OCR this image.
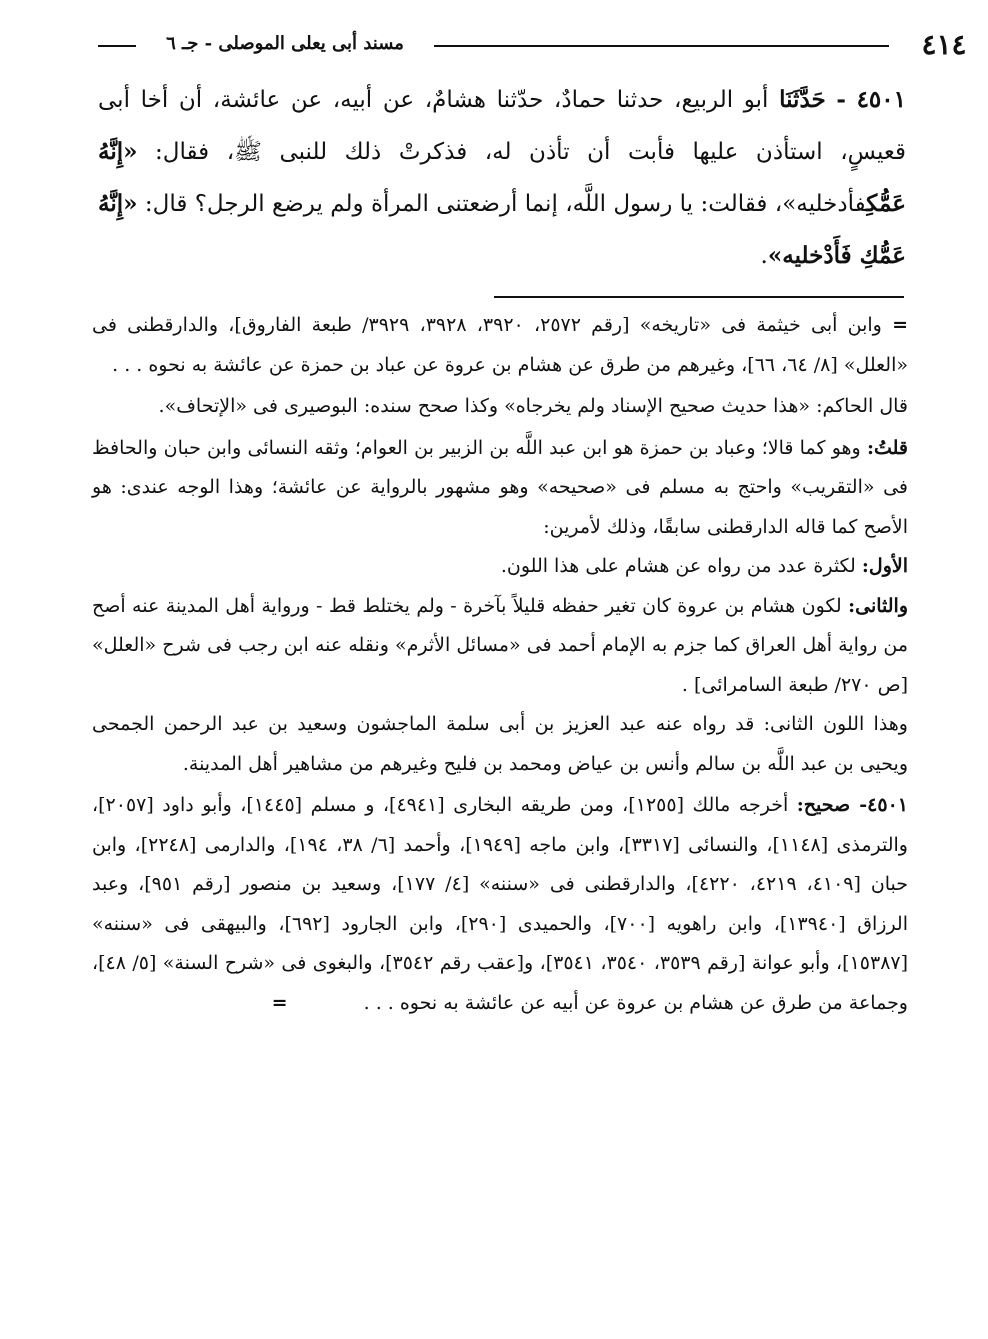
مسند أبى يعلى الموصلى - جـ ٦	٤١٤
٤٥٠١ - حَدَّثَنَا أبو الربيع، حدثنا حمادٌ، حدّثنا هشامٌ، عن أبيه، عن عائشة، أن أخا أبى قعيسٍ، استأذن عليها فأبت أن تأذن له، فذكرتْ ذلك للنبى ﷺ، فقال: «إِنَّهُ عَمُّكِفأدخليه»، فقالت: يا رسول اللَّه، إنما أرضعتنى المرأة ولم يرضع الرجل؟ قال: «إِنَّهُ عَمُّكِ فَأَدْخليه».

= وابن أبى خيثمة فى «تاريخه» [رقم ٢٥٧٢، ٣٩٢٠، ٣٩٢٨، ٣٩٢٩/ طبعة الفاروق]، والدارقطنى فى «العلل» [٨/ ٦٤، ٦٦]، وغيرهم من طرق عن هشام بن عروة عن عباد بن حمزة عن عائشة به نحوه . . .

قال الحاكم: «هذا حديث صحيح الإسناد ولم يخرجاه» وكذا صحح سنده: البوصيرى فى «الإتحاف».

قلتُ: وهو كما قالا؛ وعباد بن حمزة هو ابن عبد اللَّه بن الزبير بن العوام؛ وثقه النسائى وابن حبان والحافظ فى «التقريب» واحتج به مسلم فى «صحيحه» وهو مشهور بالرواية عن عائشة؛ وهذا الوجه عندى: هو الأصح كما قاله الدارقطنى سابقًا، وذلك لأمرين:

الأول: لكثرة عدد من رواه عن هشام على هذا اللون.

والثانى: لكون هشام بن عروة كان تغير حفظه قليلاً بآخرة - ولم يختلط قط - ورواية أهل المدينة عنه أصح من رواية أهل العراق كما جزم به الإمام أحمد فى «مسائل الأثرم» ونقله عنه ابن رجب فى شرح «العلل» [ص ٢٧٠/ طبعة السامرائى] .

وهذا اللون الثانى: قد رواه عنه عبد العزيز بن أبى سلمة الماجشون وسعيد بن عبد الرحمن الجمحى ويحيى بن عبد اللَّه بن سالم وأنس بن عياض ومحمد بن فليح وغيرهم من مشاهير أهل المدينة.

٤٥٠١- صحيح: أخرجه مالك [١٢٥٥]، ومن طريقه البخارى [٤٩٤١]، و مسلم [١٤٤٥]، وأبو داود [٢٠٥٧]، والترمذى [١١٤٨]، والنسائى [٣٣١٧]، وابن ماجه [١٩٤٩]، وأحمد [٦/ ٣٨، ١٩٤]، والدارمى [٢٢٤٨]، وابن حبان [٤١٠٩، ٤٢١٩، ٤٢٢٠]، والدارقطنى فى «سننه» [٤/ ١٧٧]، وسعيد بن منصور [رقم ٩٥١]، وعبد الرزاق [١٣٩٤٠]، وابن راهويه [٧٠٠]، والحميدى [٢٩٠]، وابن الجارود [٦٩٢]، والبيهقى فى «سننه» [١٥٣٨٧]، وأبو عوانة [رقم ٣٥٣٩، ٣٥٤٠، ٣٥٤١]، و[عقب رقم ٣٥٤٢]، والبغوى فى «شرح السنة» [٥/ ٤٨]، وجماعة من طرق عن هشام بن عروة عن أبيه عن عائشة به نحوه . . . =
